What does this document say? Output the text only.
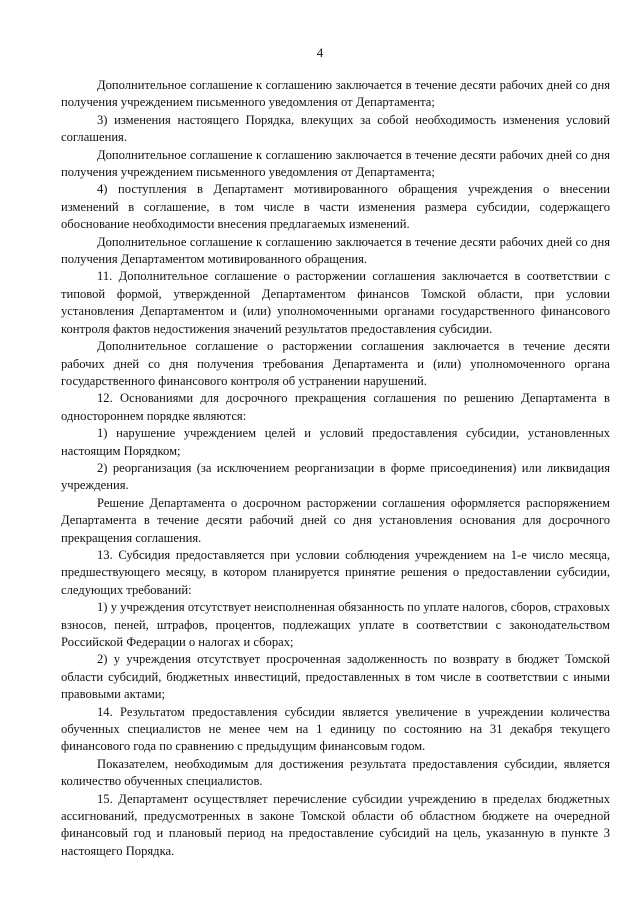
4

Дополнительное соглашение к соглашению заключается в течение десяти рабочих дней со дня получения учреждением письменного уведомления от Департамента;

3) изменения настоящего Порядка, влекущих за собой необходимость изменения условий соглашения.

Дополнительное соглашение к соглашению заключается в течение десяти рабочих дней со дня получения учреждением письменного уведомления от Департамента;

4) поступления в Департамент мотивированного обращения учреждения о внесении изменений в соглашение, в том числе в части изменения размера субсидии, содержащего обоснование необходимости внесения предлагаемых изменений.

Дополнительное соглашение к соглашению заключается в течение десяти рабочих дней со дня получения Департаментом мотивированного обращения.

11. Дополнительное соглашение о расторжении соглашения заключается в соответствии с типовой формой, утвержденной Департаментом финансов Томской области, при условии установления Департаментом и (или) уполномоченными органами государственного финансового контроля фактов недостижения значений результатов предоставления субсидии.

Дополнительное соглашение о расторжении соглашения заключается в течение десяти рабочих дней со дня получения требования Департамента и (или) уполномоченного органа государственного финансового контроля об устранении нарушений.

12. Основаниями для досрочного прекращения соглашения по решению Департамента в одностороннем порядке являются:

1) нарушение учреждением целей и условий предоставления субсидии, установленных настоящим Порядком;

2) реорганизация (за исключением реорганизации в форме присоединения) или ликвидация учреждения.

Решение Департамента о досрочном расторжении соглашения оформляется распоряжением Департамента в течение десяти рабочий дней со дня установления основания для досрочного прекращения соглашения.

13. Субсидия предоставляется при условии соблюдения учреждением на 1-е число месяца, предшествующего месяцу, в котором планируется принятие решения о предоставлении субсидии, следующих требований:

1) у учреждения отсутствует неисполненная обязанность по уплате налогов, сборов, страховых взносов, пеней, штрафов, процентов, подлежащих уплате в соответствии с законодательством Российской Федерации о налогах и сборах;

2) у учреждения отсутствует просроченная задолженность по возврату в бюджет Томской области субсидий, бюджетных инвестиций, предоставленных в том числе в соответствии с иными правовыми актами;

14. Результатом предоставления субсидии является увеличение в учреждении количества обученных специалистов не менее чем на 1 единицу по состоянию на 31 декабря текущего финансового года по сравнению с предыдущим финансовым годом.

Показателем, необходимым для достижения результата предоставления субсидии, является количество обученных специалистов.

15. Департамент осуществляет перечисление субсидии учреждению в пределах бюджетных ассигнований, предусмотренных в законе Томской области об областном бюджете на очередной финансовый год и плановый период на предоставление субсидий на цель, указанную в пункте 3 настоящего Порядка.
